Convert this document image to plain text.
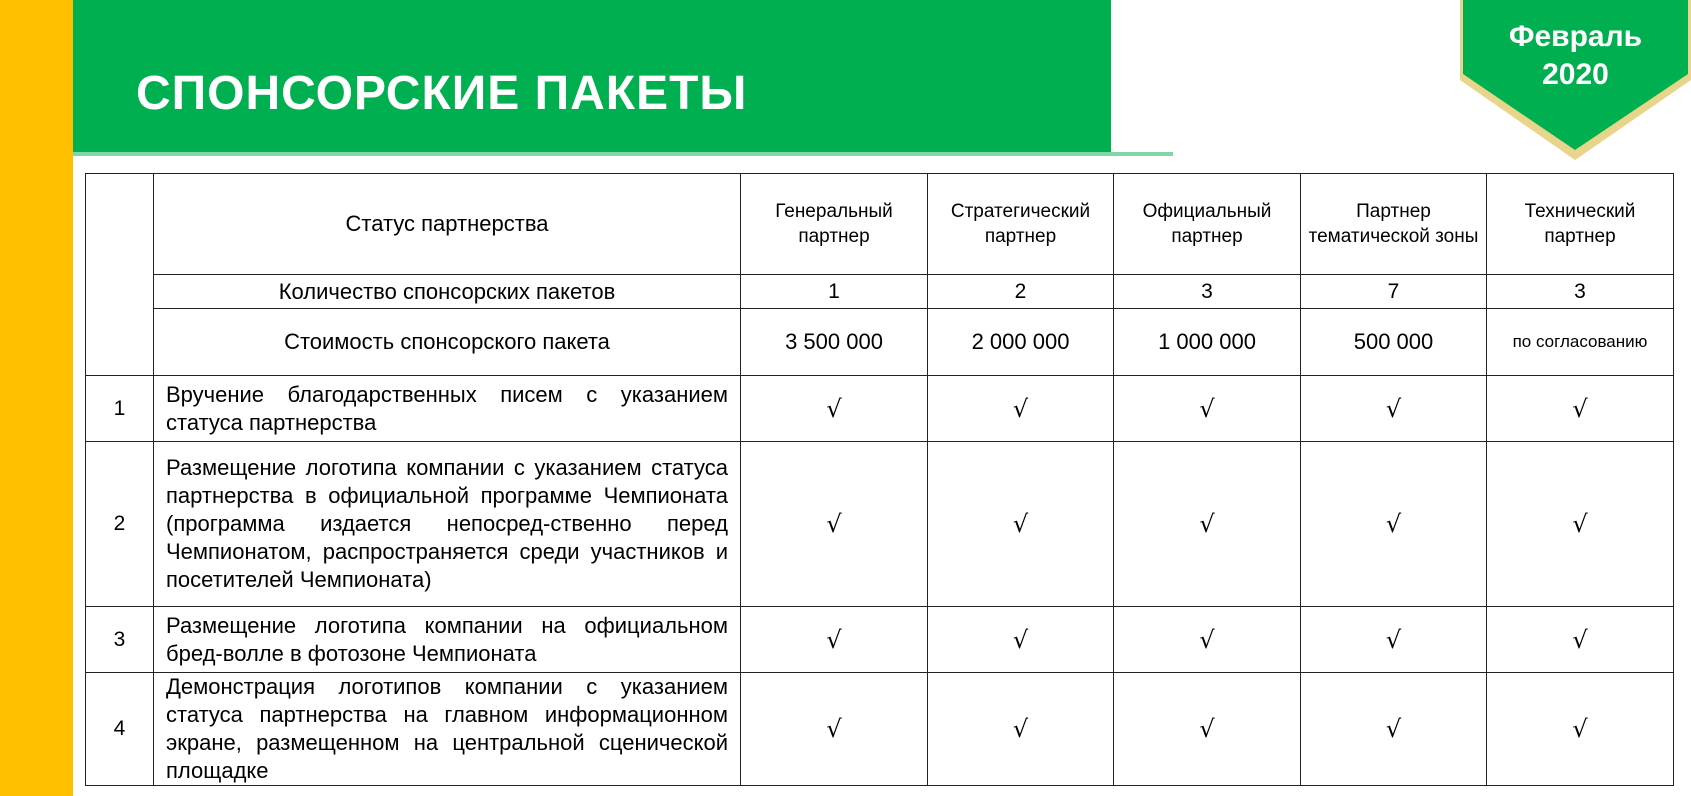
СПОНСОРСКИЕ ПАКЕТЫ
Февраль
2020
	Статус партнерства	Генеральный партнер	Стратегический партнер	Официальный партнер	Партнер тематической зоны	Технический партнер
	Количество спонсорских пакетов	1	2	3	7	3
	Стоимость спонсорского пакета	3 500 000	2 000 000	1 000 000	500 000	по согласованию
1	Вручение благодарственных писем с указанием статуса партнерства	√	√	√	√	√
2	Размещение логотипа компании с указанием статуса партнерства в официальной программе Чемпионата (программа издается непосред-ственно перед Чемпионатом, распространяется среди участников и посетителей Чемпионата)	√	√	√	√	√
3	Размещение логотипа компании на официальном бред-волле в фотозоне Чемпионата	√	√	√	√	√
4	Демонстрация логотипов компании с указанием статуса партнерства на главном информационном экране, размещенном на центральной сценической площадке	√	√	√	√	√
